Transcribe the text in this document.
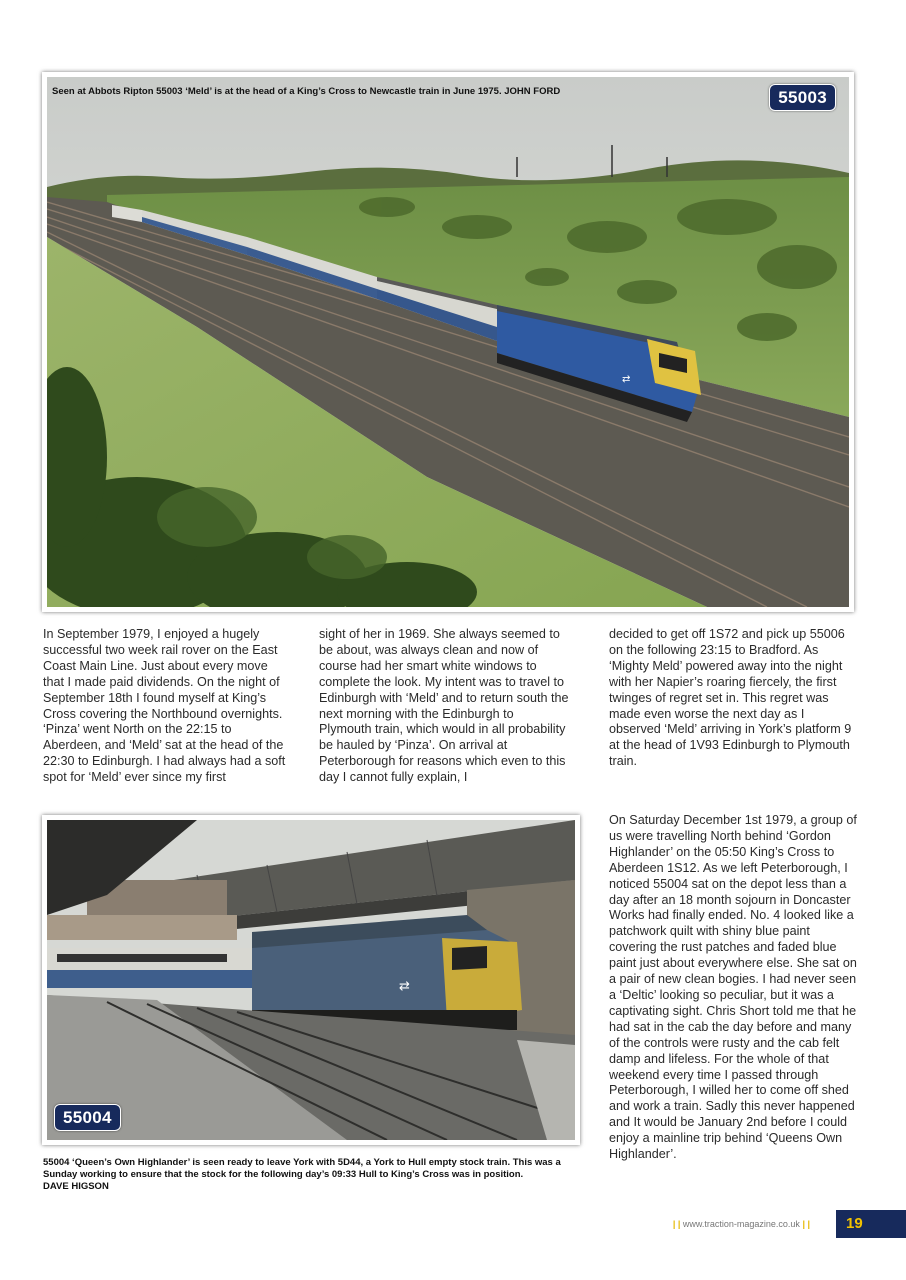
⇄
Seen at Abbots Ripton 55003 ‘Meld’ is at the head of a King’s Cross to Newcastle train in June 1975. JOHN FORD	55003

In September 1979, I enjoyed a hugely successful two week rail rover on the East Coast Main Line. Just about every move that I made paid dividends. On the night of September 18th I found myself at King’s Cross covering the Northbound overnights. ‘Pinza’ went North on the 22:15 to Aberdeen, and ‘Meld’ sat at the head of the 22:30 to Edinburgh. I had always had a soft spot for ‘Meld’ ever since my first

sight of her in 1969. She always seemed to be about, was always clean and now of course had her smart white windows to complete the look. My intent was to travel to Edinburgh with ‘Meld’ and to return south the next morning with the Edinburgh to Plymouth train, which would in all probability be hauled by ‘Pinza’. On arrival at Peterborough for reasons which even to this day I cannot fully explain, I

decided to get off 1S72 and pick up 55006 on the following 23:15 to Bradford. As ‘Mighty Meld’ powered away into the night with her Napier’s roaring fiercely, the first twinges of regret set in. This regret was made even worse the next day as I observed ‘Meld’ arriving in York’s platform 9 at the head of 1V93 Edinburgh to Plymouth train.

⇄
55004
55004 ‘Queen’s Own Highlander’ is seen ready to leave York with 5D44, a York to Hull empty stock train. This was a
Sunday working to ensure that the stock for the following day’s 09:33 Hull to King’s Cross was in position.
DAVE HIGSON

On Saturday December 1st 1979, a group of us were travelling North behind ‘Gordon Highlander’ on the 05:50 King’s Cross to Aberdeen 1S12. As we left Peterborough, I noticed 55004 sat on the depot less than a day after an 18 month sojourn in Doncaster Works had finally ended. No. 4 looked like a patchwork quilt with shiny blue paint covering the rust patches and faded blue paint just about everywhere else. She sat on a pair of new clean bogies. I had never seen a ‘Deltic’ looking so peculiar, but it was a captivating sight. Chris Short told me that he had sat in the cab the day before and many of the controls were rusty and the cab felt damp and lifeless. For the whole of that weekend every time I passed through Peterborough, I willed her to come off shed and work a train. Sadly this never happened and It would be January 2nd before I could enjoy a mainline trip behind ‘Queens Own Highlander’.

| | www.traction-magazine.co.uk | |	19
